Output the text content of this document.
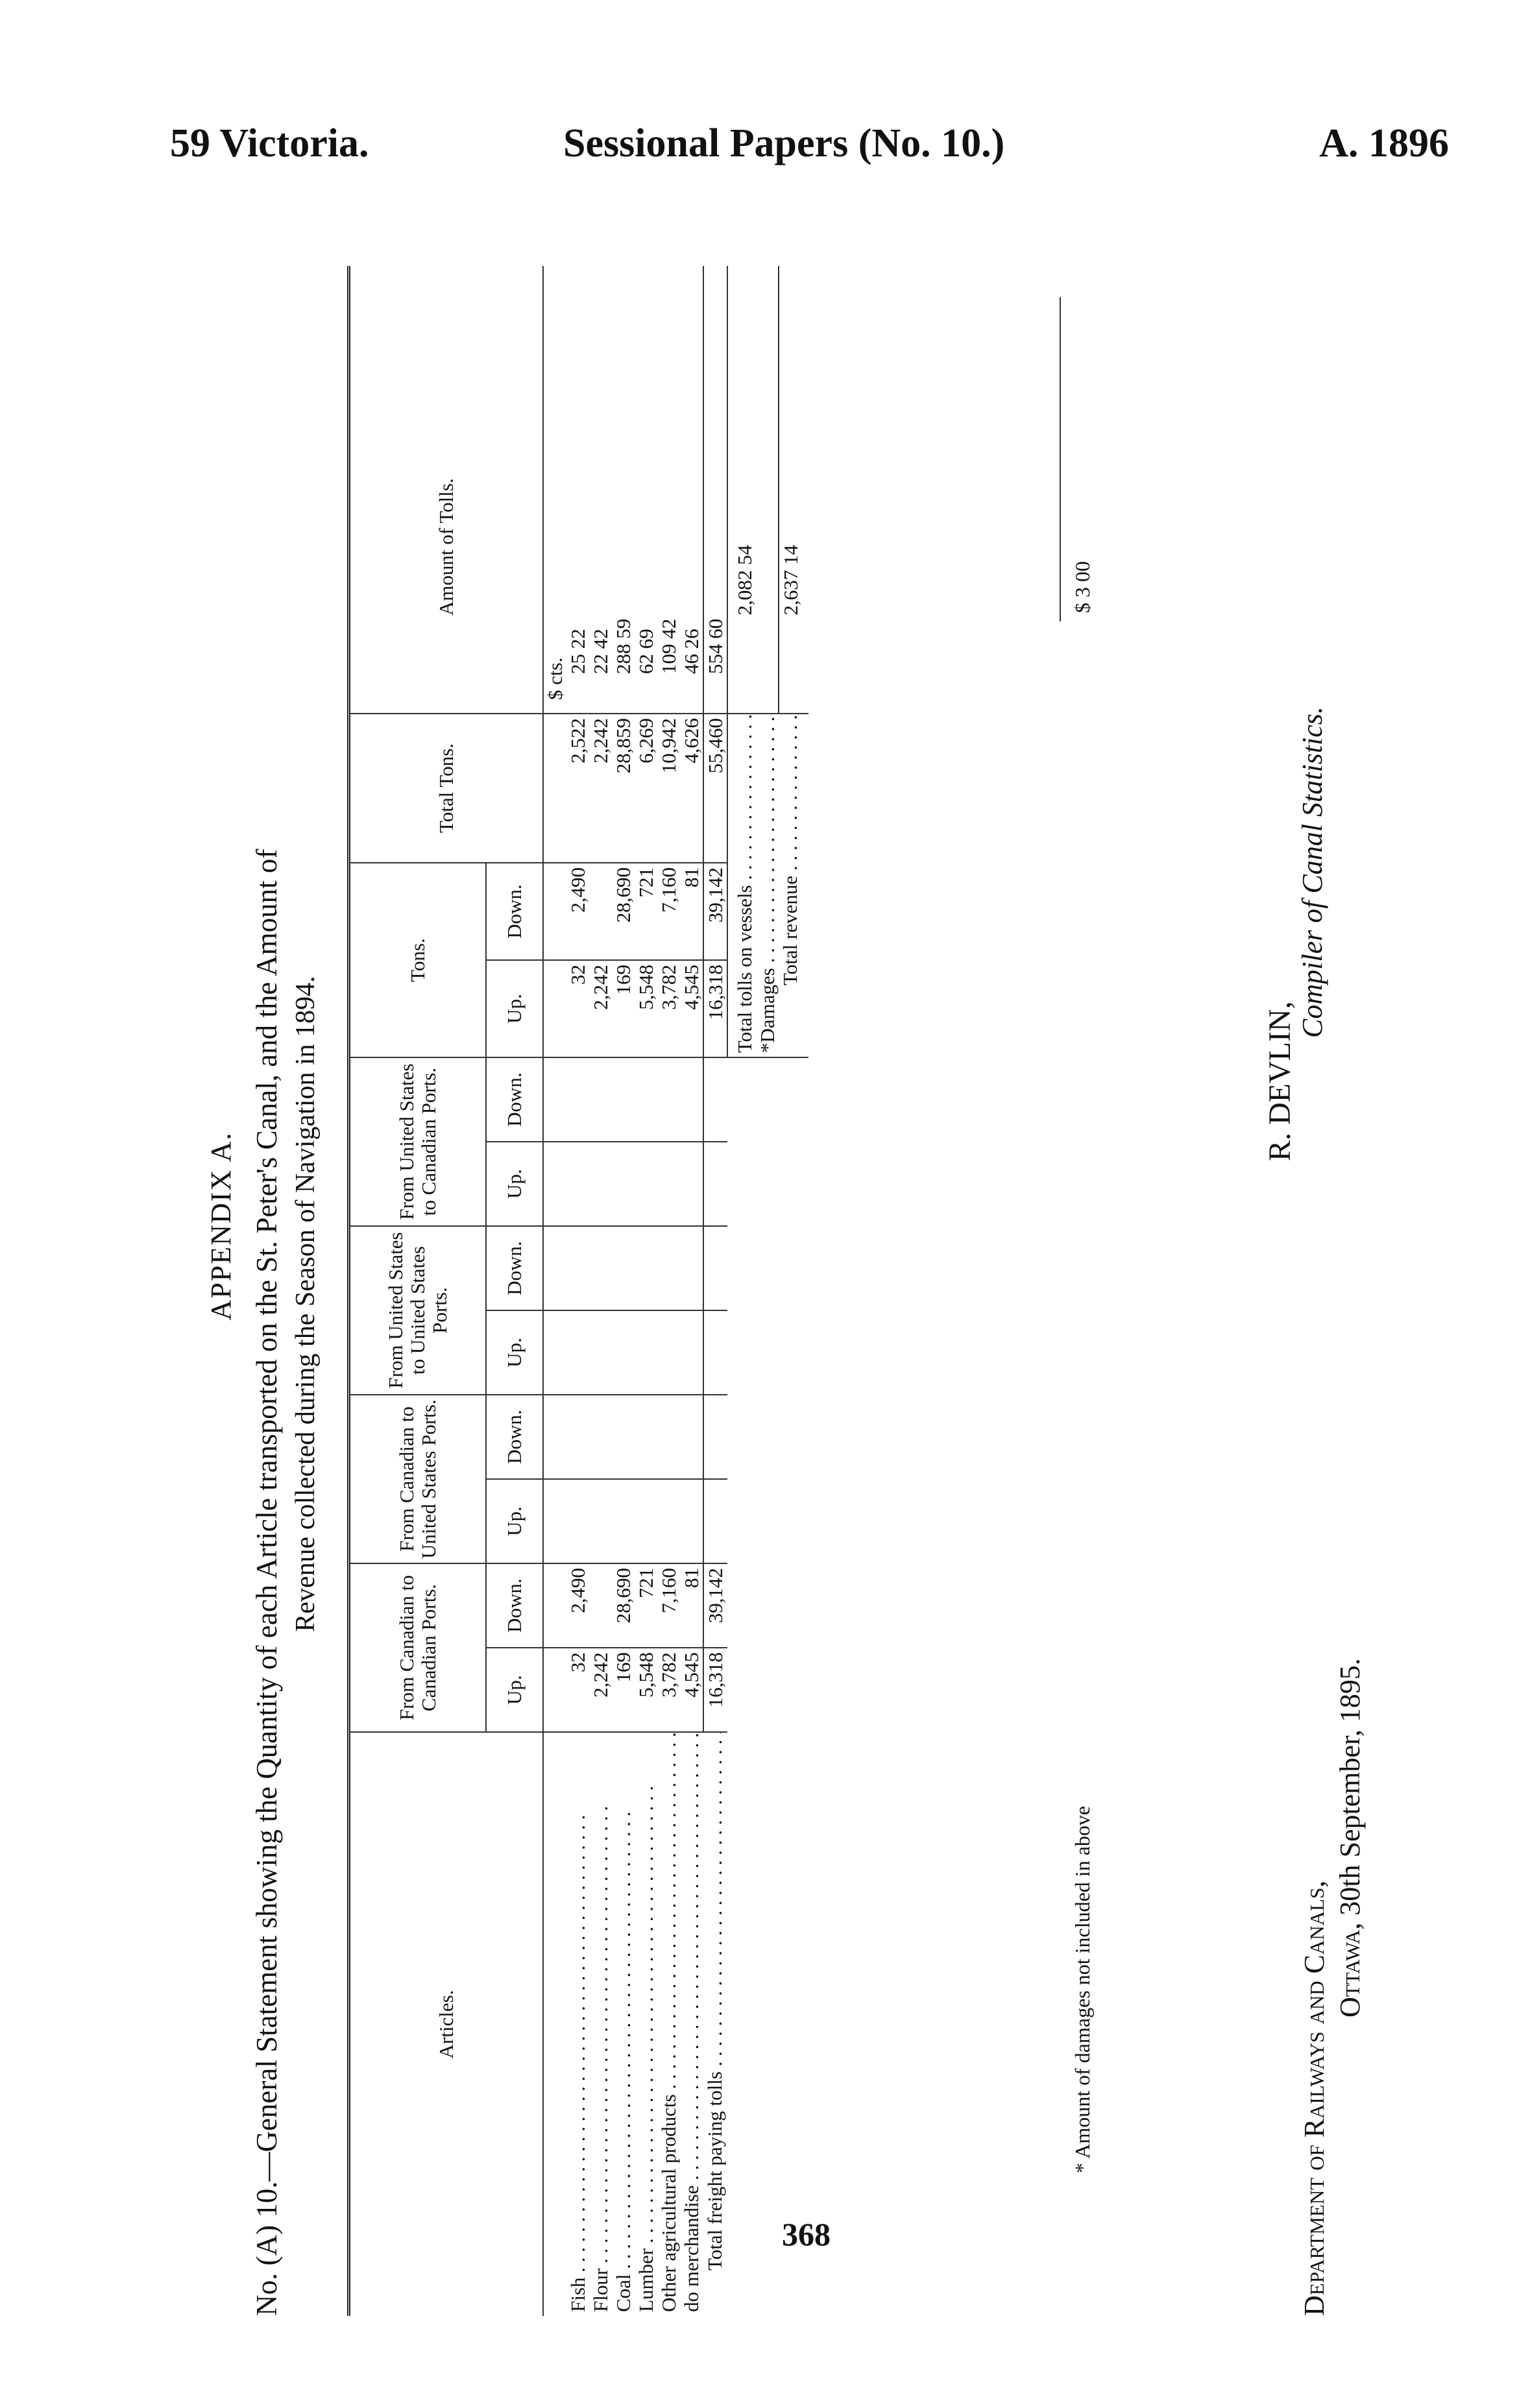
59 Victoria.	Sessional Papers (No. 10.)	A. 1896
APPENDIX A. No. (A) 10.—General Statement showing the Quantity of each Article transported on the St. Peter's Canal, and the Amount of Revenue collected during the Season of Navigation in 1894.
Articles.	From Canadian to Canadian Ports.		From Canadian to United States Ports.		From United States to United States Ports.		From United States to Canadian Ports.		Tons.		Total Tons.	Amount of Tolls.
	Up.	Down.	Up.	Down.	Up.	Down.	Up.	Down.	Up.	Down.		
												$ cts.
Fish . . .	32	2,490							32	2,490	2,522	25 22
Flour . . .	2,242								2,242		2,242	22 42
Coal . . .	169	28,690							169	28,690	28,859	288 59
Lumber . . .	5,548	721							5,548	721	6,269	62 69
Other agricultural products . . .	3,782	7,160							3,782	7,160	10,942	109 42
do merchandise . . .	4,545	81							4,545	81	4,626	46 26
Total freight paying tolls . . .	16,318	39,142							16,318	39,142	55,460	554 60
									Total tolls on vessels . . .			2,082 54
									*Damages . . .	
									Total revenue . . .			2,637 14
* Amount of damages not included in above
$ 3 00
Department of Railways and Canals, Ottawa, 30th September, 1895.
R. DEVLIN,
Compiler of Canal Statistics.
368
